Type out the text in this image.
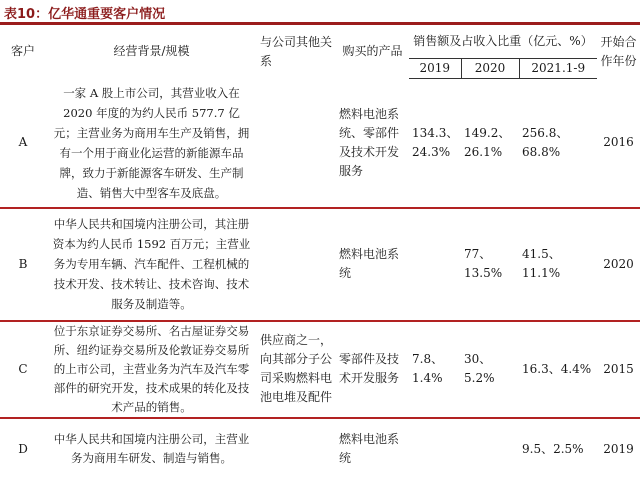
表10：亿华通重要客户情况
客户	经营背景/规模	与公司其他关系	购买的产品	销售额及占收入比重（亿元、%）			开始合作年份
				2019	2020	2021.1-9	
A	一家 A 股上市公司，其营业收入在 2020 年度的为约人民币 577.7 亿元；主营业务为商用车生产及销售，拥有一个用于商业化运营的新能源车品牌，致力于新能源客车研发、生产制造、销售大中型客车及底盘。		燃料电池系统、零部件及技术开发服务	134.3、24.3%	149.2、26.1%	256.8、68.8%	2016
B	中华人民共和国境内注册公司，其注册资本为约人民币 1592 百万元；主营业务为专用车辆、汽车配件、工程机械的技术开发、技术转让、技术咨询、技术服务及制造等。		燃料电池系统		77、13.5%	41.5、11.1%	2020
C	位于东京证券交易所、名古屋证券交易所、纽约证券交易所及伦敦证券交易所的上市公司，主营业务为汽车及汽车零部件的研究开发，技术成果的转化及技术产品的销售。	供应商之一，向其部分子公司采购燃料电池电堆及配件	零部件及技术开发服务	7.8、1.4%	30、5.2%	16.3、4.4%	2015
D	中华人民共和国境内注册公司，主营业务为商用车研发、制造与销售。		燃料电池系统			9.5、2.5%	2019
